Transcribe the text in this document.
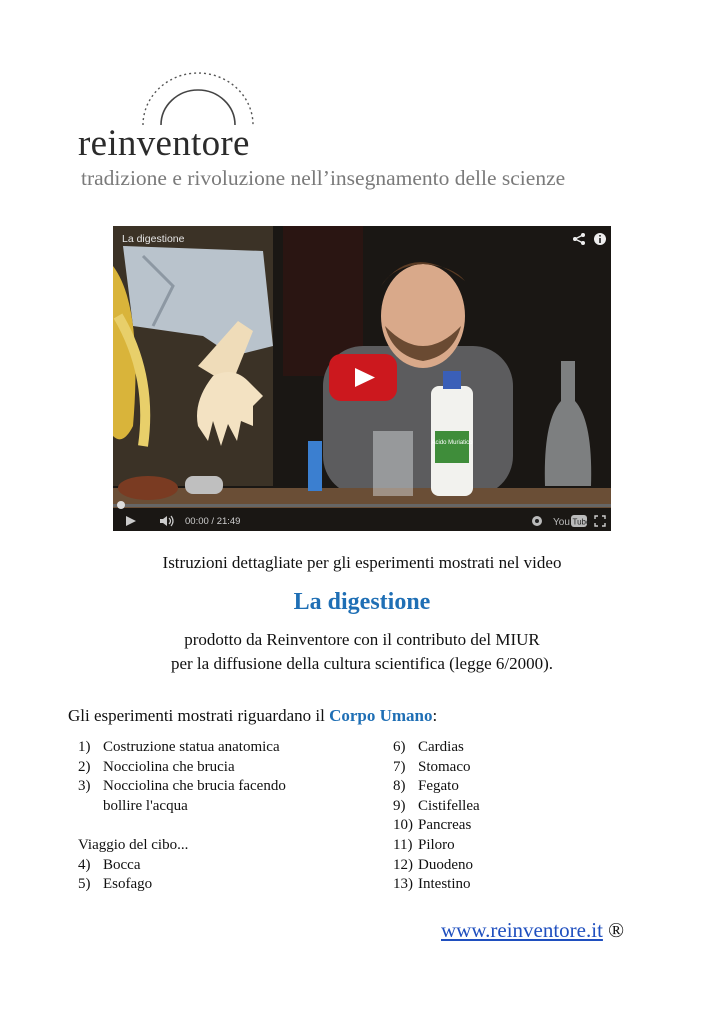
reinventore
tradizione e rivoluzione nell’insegnamento delle scienze
Acido Muriatico
La digestione
00:00 / 21:49	You Tube
Istruzioni dettagliate per gli esperimenti mostrati nel video
La digestione
prodotto da Reinventore con il contributo del MIUR
per la diffusione della cultura scientifica (legge 6/2000).
Gli esperimenti mostrati riguardano il Corpo Umano:
1) Costruzione statua anatomica
2) Nocciolina che brucia
3) Nocciolina che brucia facendo
bollire l'acqua
Viaggio del cibo...
4) Bocca
5) Esofago
6) Cardias
7) Stomaco
8) Fegato
9) Cistifellea
10) Pancreas
11) Piloro
12) Duodeno
13) Intestino
www.reinventore.it ®
